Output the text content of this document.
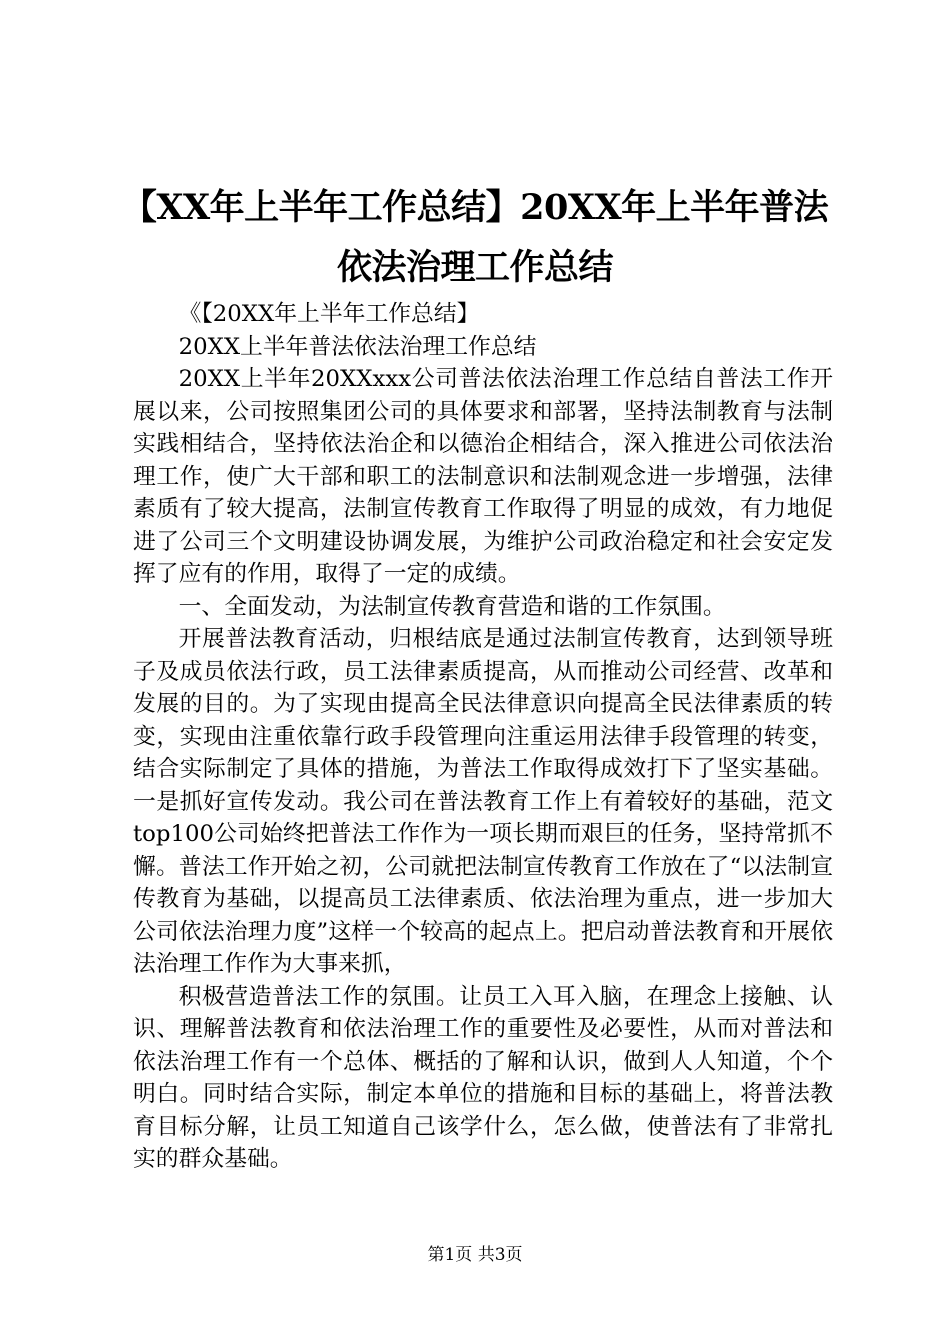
【XX年上半年工作总结】20XX年上半年普法
依法治理工作总结

《【20XX年上半年工作总结】

20XX上半年普法依法治理工作总结

20XX上半年20XXxxx公司普法依法治理工作总结自普法工作开展以来，公司按照集团公司的具体要求和部署，坚持法制教育与法制实践相结合，坚持依法治企和以德治企相结合，深入推进公司依法治理工作，使广大干部和职工的法制意识和法制观念进一步增强，法律素质有了较大提高，法制宣传教育工作取得了明显的成效，有力地促进了公司三个文明建设协调发展，为维护公司政治稳定和社会安定发挥了应有的作用，取得了一定的成绩。

一、全面发动，为法制宣传教育营造和谐的工作氛围。

开展普法教育活动，归根结底是通过法制宣传教育，达到领导班子及成员依法行政，员工法律素质提高，从而推动公司经营、改革和发展的目的。为了实现由提高全民法律意识向提高全民法律素质的转变，实现由注重依靠行政手段管理向注重运用法律手段管理的转变，结合实际制定了具体的措施，为普法工作取得成效打下了坚实基础。一是抓好宣传发动。我公司在普法教育工作上有着较好的基础，范文top100公司始终把普法工作作为一项长期而艰巨的任务，坚持常抓不懈。普法工作开始之初，公司就把法制宣传教育工作放在了“以法制宣传教育为基础，以提高员工法律素质、依法治理为重点，进一步加大公司依法治理力度”这样一个较高的起点上。把启动普法教育和开展依法治理工作作为大事来抓，

积极营造普法工作的氛围。让员工入耳入脑，在理念上接触、认识、理解普法教育和依法治理工作的重要性及必要性，从而对普法和依法治理工作有一个总体、概括的了解和认识，做到人人知道，个个明白。同时结合实际，制定本单位的措施和目标的基础上，将普法教育目标分解，让员工知道自己该学什么，怎么做，使普法有了非常扎实的群众基础。

第1页 共3页
